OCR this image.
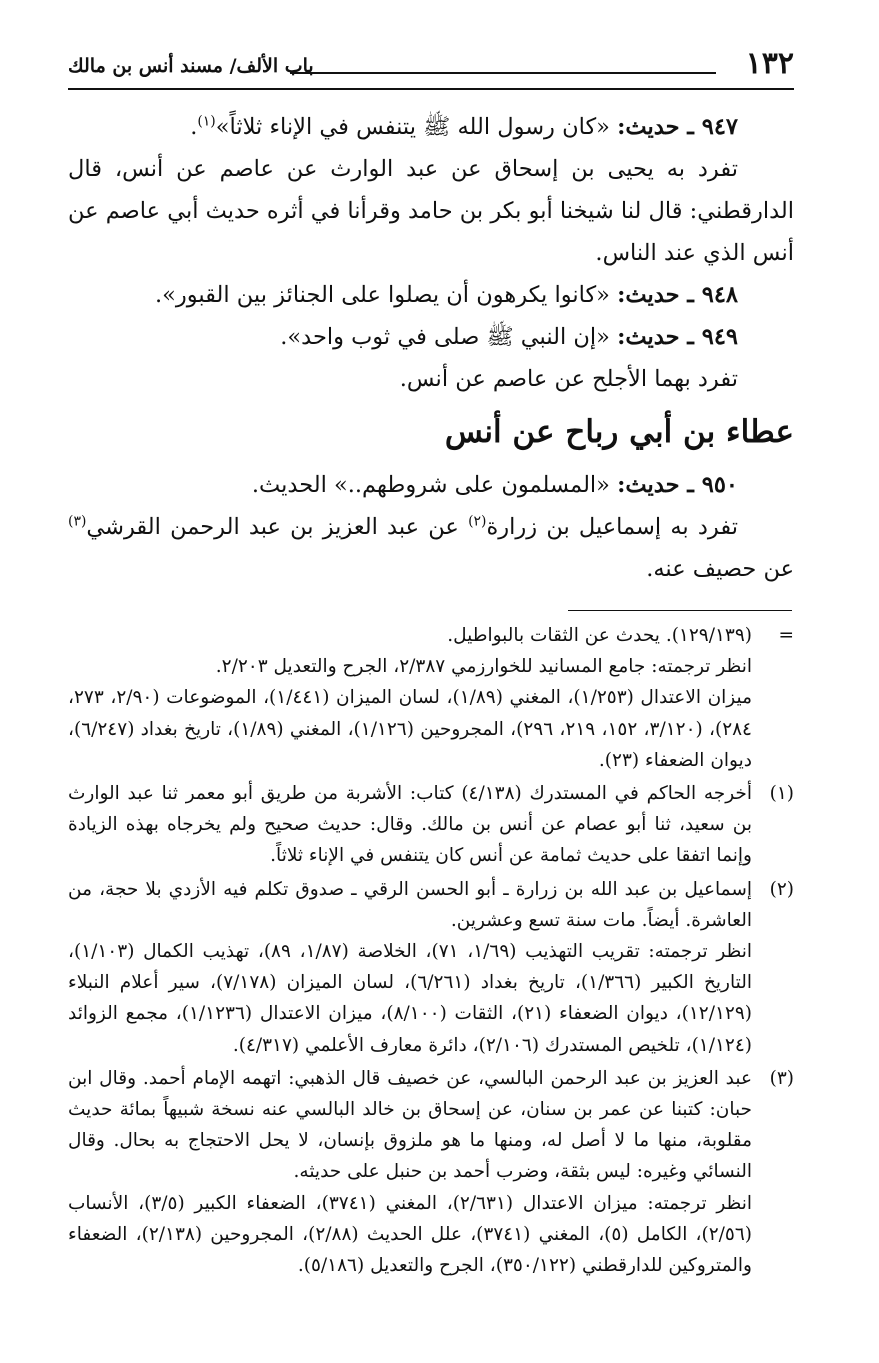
١٣٢
باب الألف/ مسند أنس بن مالك

٩٤٧ ـ حديث: «كان رسول الله ﷺ يتنفس في الإناء ثلاثاً»$^{(١)}$.

تفرد به يحيى بن إسحاق عن عبد الوارث عن عاصم عن أنس، قال الدارقطني: قال لنا شيخنا أبو بكر بن حامد وقرأنا في أثره حديث أبي عاصم عن أنس الذي عند الناس.

٩٤٨ ـ حديث: «كانوا يكرهون أن يصلوا على الجنائز بين القبور».

٩٤٩ ـ حديث: «إن النبي ﷺ صلى في ثوب واحد».

تفرد بهما الأجلح عن عاصم عن أنس.

عطاء بن أبي رباح عن أنس

٩٥٠ ـ حديث: «المسلمون على شروطهم..» الحديث.

تفرد به إسماعيل بن زرارة$^{(٢)}$ عن عبد العزيز بن عبد الرحمن القرشي$^{(٣)}$ عن حصيف عنه.

=

(١٢٩/١٣٩). يحدث عن الثقات بالبواطيل.

انظر ترجمته: جامع المسانيد للخوارزمي ٢/٣٨٧، الجرح والتعديل ٢/٢٠٣.

ميزان الاعتدال (١/٢٥٣)، المغني (١/٨٩)، لسان الميزان (١/٤٤١)، الموضوعات (٢/٩٠، ٢٧٣، ٢٨٤)، (٣/١٢٠، ١٥٢، ٢١٩، ٢٩٦)، المجروحين (١/١٢٦)، المغني (١/٨٩)، تاريخ بغداد (٦/٢٤٧)، ديوان الضعفاء (٢٣).

(١)

أخرجه الحاكم في المستدرك (٤/١٣٨) كتاب: الأشربة من طريق أبو معمر ثنا عبد الوارث بن سعيد، ثنا أبو عصام عن أنس بن مالك. وقال: حديث صحيح ولم يخرجاه بهذه الزيادة وإنما اتفقا على حديث ثمامة عن أنس كان يتنفس في الإناء ثلاثاً.

(٢)

إسماعيل بن عبد الله بن زرارة ـ أبو الحسن الرقي ـ صدوق تكلم فيه الأزدي بلا حجة، من العاشرة. أيضاً. مات سنة تسع وعشرين.

انظر ترجمته: تقريب التهذيب (١/٦٩، ٧١)، الخلاصة (١/٨٧، ٨٩)، تهذيب الكمال (١/١٠٣)، التاريخ الكبير (١/٣٦٦)، تاريخ بغداد (٦/٢٦١)، لسان الميزان (٧/١٧٨)، سير أعلام النبلاء (١٢/١٢٩)، ديوان الضعفاء (٢١)، الثقات (٨/١٠٠)، ميزان الاعتدال (١/١٢٣٦)، مجمع الزوائد (١/١٢٤)، تلخيص المستدرك (٢/١٠٦)، دائرة معارف الأعلمي (٤/٣١٧).

(٣)

عبد العزيز بن عبد الرحمن البالسي، عن خصيف قال الذهبي: اتهمه الإمام أحمد. وقال ابن حبان: كتبنا عن عمر بن سنان، عن إسحاق بن خالد البالسي عنه نسخة شبيهاً بمائة حديث مقلوبة، منها ما لا أصل له، ومنها ما هو ملزوق بإنسان، لا يحل الاحتجاج به بحال. وقال النسائي وغيره: ليس بثقة، وضرب أحمد بن حنبل على حديثه.

انظر ترجمته: ميزان الاعتدال (٢/٦٣١)، المغني (٣٧٤١)، الضعفاء الكبير (٣/٥)، الأنساب (٢/٥٦)، الكامل (٥)، المغني (٣٧٤١)، علل الحديث (٢/٨٨)، المجروحين (٢/١٣٨)، الضعفاء والمتروكين للدارقطني (٣٥٠/١٢٢)، الجرح والتعديل (٥/١٨٦).
